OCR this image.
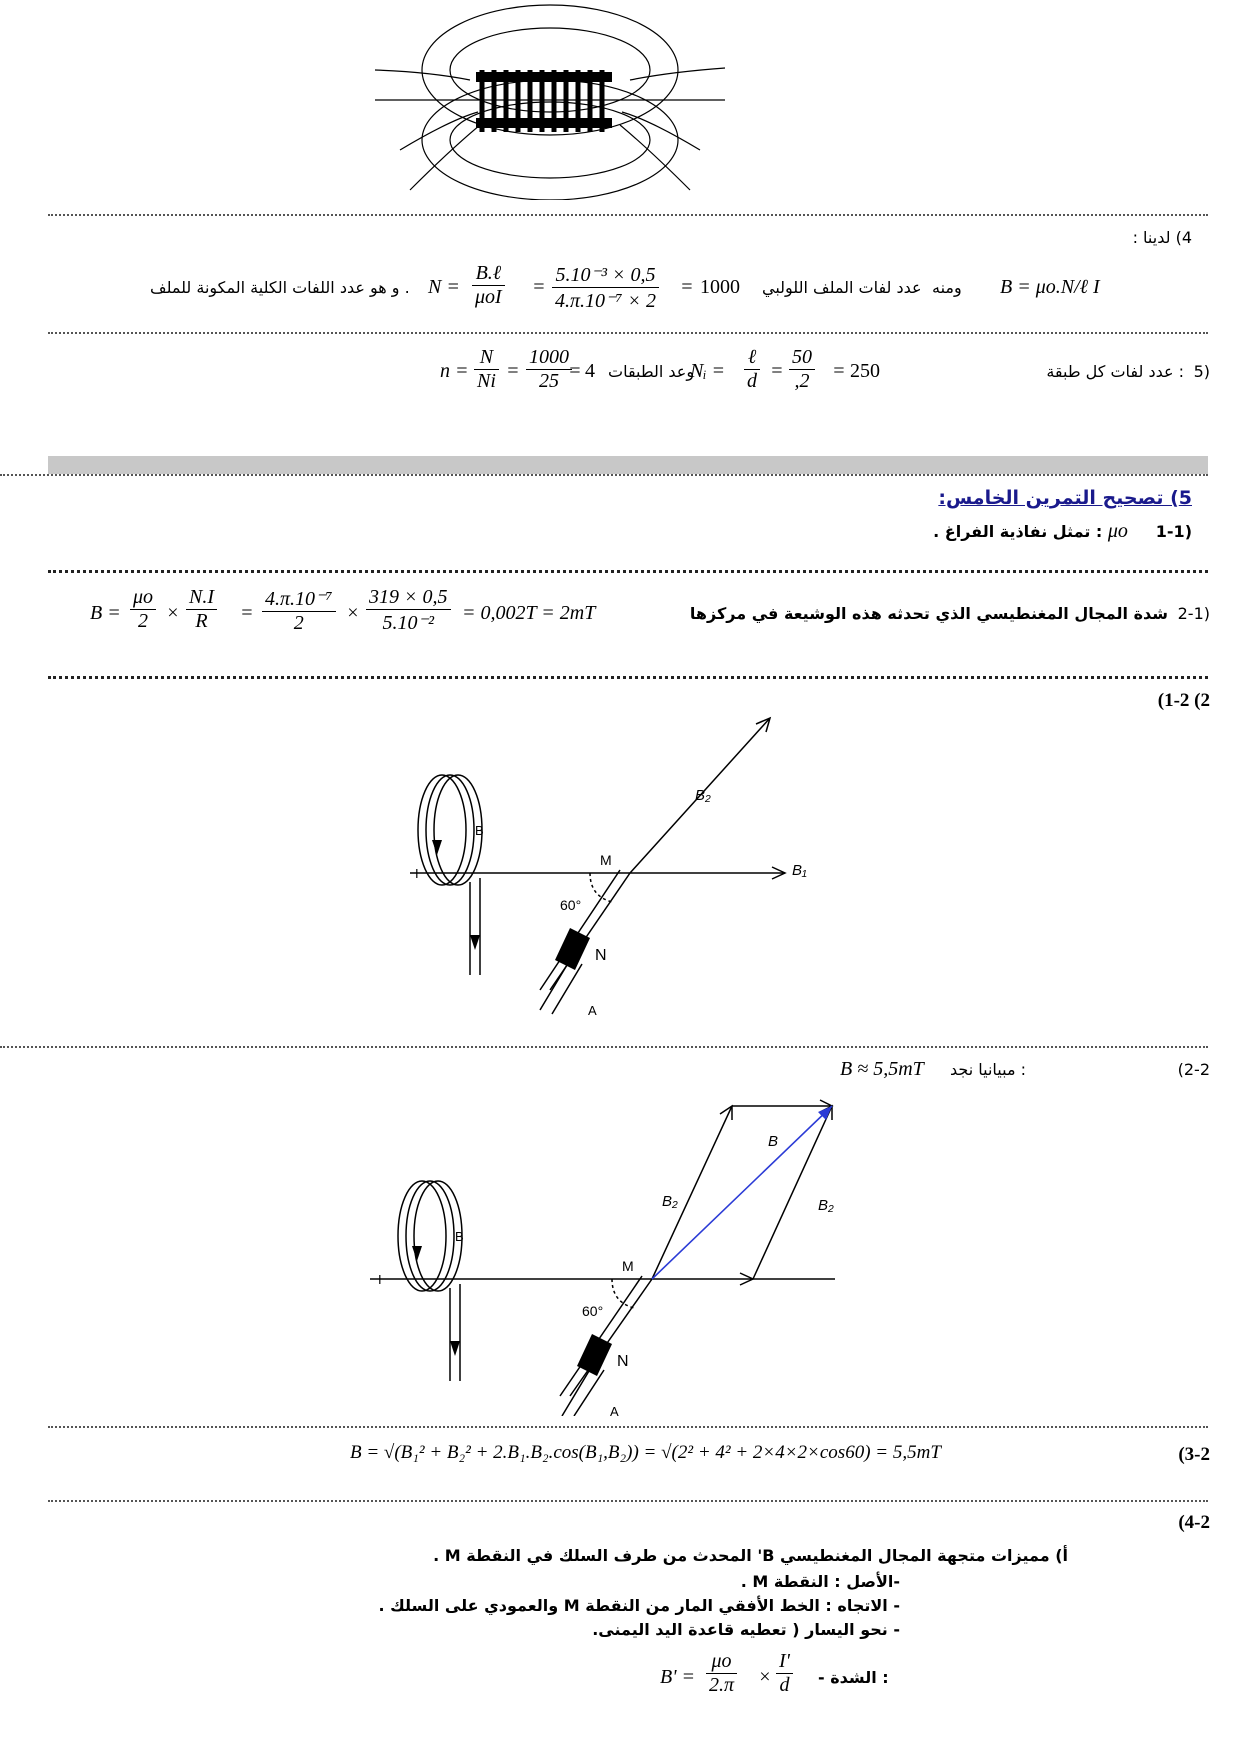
4) لدينا :
و هو عدد اللفات الكلية المكونة للملف . $N = \frac{\text{B.ℓ}}{\text{μoI}} = \frac{\text{5.10⁻³ × 0,5}}{\text{4.π.10⁻⁷ × 2}} = 1000$ عدد لفات الملف اللولبي ومنه B = μo.N/ℓ I
5)
عدد لفات كل طبقة :
250
=
$\frac{50}{,2}$
=
$\frac{\text{ℓ}}{d}$
Nᵢ =
وعد الطبقات
4
=
$\frac{1000}{25}$
=
$\frac{N}{Ni}$
n =
5) تصحيح التمرين الخامس:
(1-1     μo : تمثل نفاذية الفراغ .
2-1)
شدة المجال المغنطيسي الذي تحدثه هذه الوشيعة في مركزها
$B = \frac{\mu o}{2} \times \frac{N.I}{R} = \frac{\text{4.π.10⁻⁷}}{2} \times \frac{319 \times 0,5}{\text{5.10⁻²}} = 0,002T = 2mT$
(1-2 (2
B
I
M
60°
N
A
B₁
B₂
(2-2
مبيانيا نجد :
B ≈ 5,5mT
B
I
M
60°
N
A
B
B₂	B₂
(3-2
B = √(B₁² + B₂² + 2.B₁.B₂.cos(B₁,B₂)) = √(2² + 4² + 2×4×2×cos60) = 5,5mT
(4-2
أ) مميزات متجهة المجال المغنطيسي B' المحدث من طرف السلك في النقطة M .
-الأصل : النقطة M .
- الاتجاه : الخط الأفقي المار من النقطة M والعمودي على السلك .
- نحو اليسار ( تعطيه قاعدة اليد اليمنى.
- الشدة :
$B' = \frac{\mu o}{2.\pi} \times \frac{I'}{d}$
